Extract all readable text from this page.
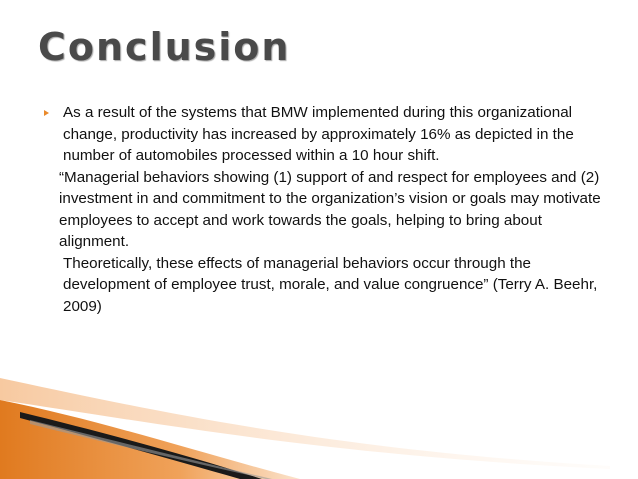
Conclusion

As a result of the systems that BMW implemented during this organizational change, productivity has increased by approximately 16% as depicted in the number of automobiles processed within a 10 hour shift.

“Managerial behaviors showing (1) support of and respect for employees and (2) investment in and commitment to the organization’s vision or goals may motivate employees to accept and work towards the goals, helping to bring about alignment.

Theoretically, these effects of managerial behaviors occur through the development of employee trust, morale, and value congruence” (Terry A. Beehr, 2009)
